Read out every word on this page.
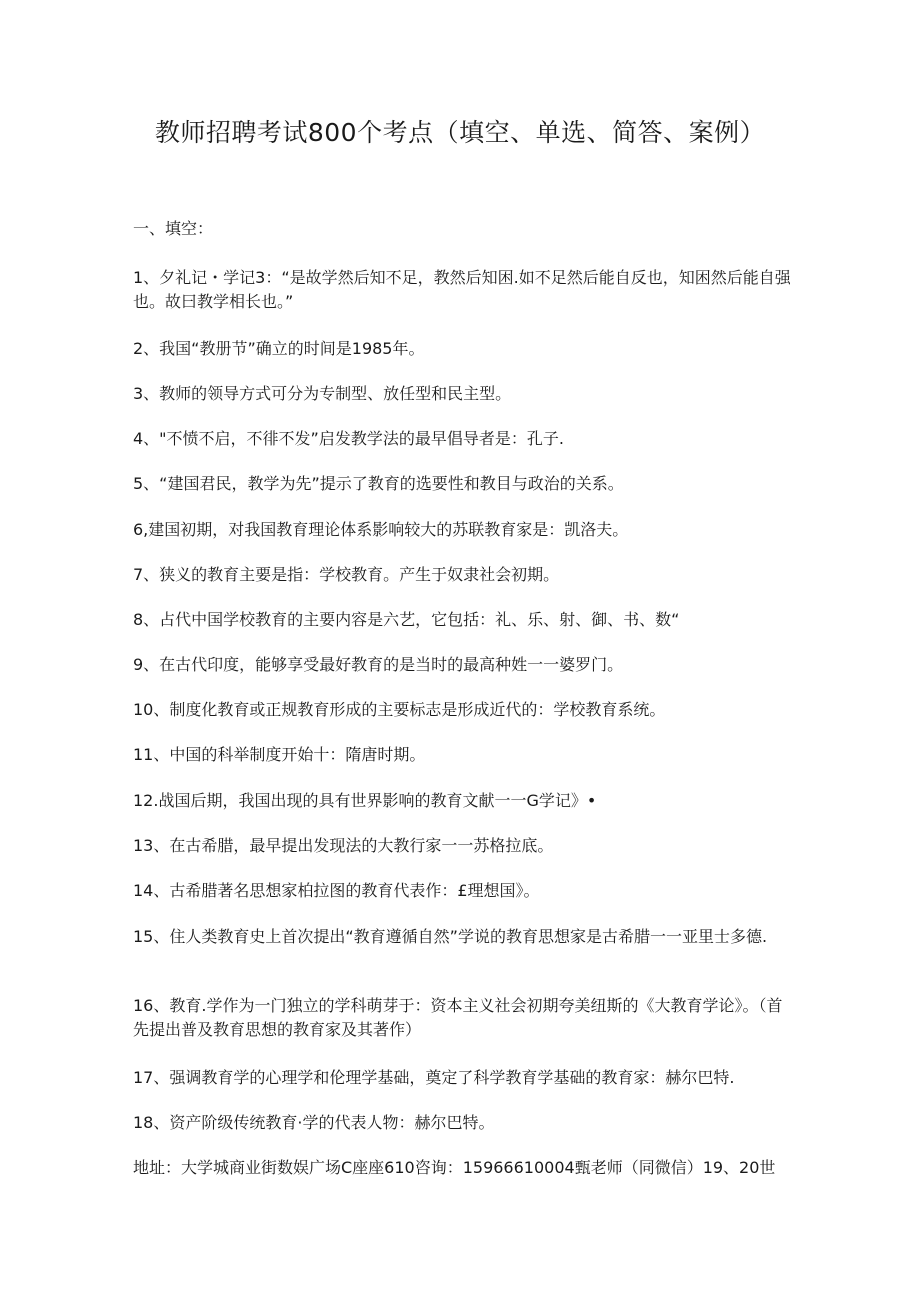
教师招聘考试800个考点（填空、单选、简答、案例）
一、填空：
1、夕礼记・学记3：“是故学然后知不足，教然后知困.如不足然后能自反也，知困然后能自强也。故曰教学相长也。”
2、我国“教册节”确立的时间是1985年。
3、教师的领导方式可分为专制型、放任型和民主型。
4、"不愤不启，不徘不发”启发教学法的最早倡导者是：孔子.
5、“建国君民，教学为先”提示了教育的选要性和教目与政治的关系。
6,建国初期，对我国教育理论体系影响较大的苏联教育家是：凯洛夫。
7、狭义的教育主要是指：学校教育。产生于奴隶社会初期。
8、占代中国学校教育的主要内容是六艺，它包括：礼、乐、射、御、书、数“
9、在古代印度，能够享受最好教育的是当时的最高种姓一一婆罗门。
10、制度化教育或正规教育形成的主要标志是形成近代的：学校教育系统。
11、中国的科举制度开始十：隋唐时期。
12.战国后期，我国出现的具有世界影响的教育文献一一G学记》•
13、在古希腊，最早提出发现法的大教行家一一苏格拉底。
14、古希腊著名思想家柏拉图的教育代表作：£理想国》。
15、住人类教育史上首次提出“教育遵循自然”学说的教育思想家是古希腊一一亚里士多德.
16、教育.学作为一门独立的学科萌芽于：资本主义社会初期夸美纽斯的《大教育学论》。（首先提出普及教育思想的教育家及其著作）
17、强调教育学的心理学和伦理学基础，奠定了科学教育学基础的教育家：赫尔巴特.
18、资产阶级传统教育·学的代表人物：赫尔巴特。
地址：大学城商业街数娱广场C座座610咨询：15966610004甄老师（同微信）19、20世
